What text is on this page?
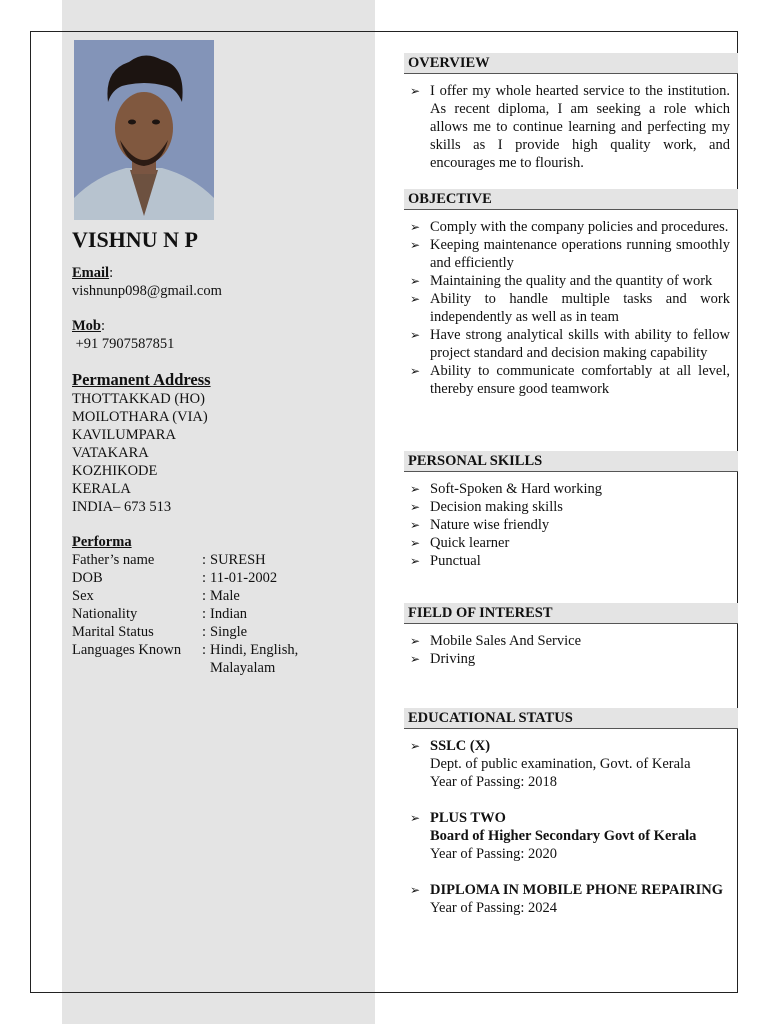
VISHNU N P
Email:
vishnunp098@gmail.com
Mob:
+91 7907587851
Permanent Address
THOTTAKKAD (HO)
MOILOTHARA (VIA)
KAVILUMPARA
VATAKARA
KOZHIKODE
KERALA
INDIA– 673 513
Performa
Father’s name	: SURESH
DOB	: 11-01-2002
Sex	: Male
Nationality	: Indian
Marital Status	: Single
Languages Known	: Hindi, English, Malayalam
OVERVIEW
➢ I offer my whole hearted service to the institution. As recent diploma, I am seeking a role which allows me to continue learning and perfecting my skills as I provide high quality work, and encourages me to flourish.
OBJECTIVE
➢ Comply with the company policies and procedures.
➢ Keeping maintenance operations running smoothly and efficiently
➢ Maintaining the quality and the quantity of work
➢ Ability to handle multiple tasks and work independently as well as in team
➢ Have strong analytical skills with ability to fellow project standard and decision making capability
➢ Ability to communicate comfortably at all level, thereby ensure good teamwork
PERSONAL SKILLS
➢ Soft-Spoken & Hard working
➢ Decision making skills
➢ Nature wise friendly
➢ Quick learner
➢ Punctual
FIELD OF INTEREST
➢ Mobile Sales And Service
➢ Driving
EDUCATIONAL STATUS
➢ SSLC (X)
Dept. of public examination, Govt. of Kerala
Year of Passing: 2018
➢ PLUS TWO
Board of Higher Secondary Govt of Kerala
Year of Passing: 2020
➢ DIPLOMA IN MOBILE PHONE REPAIRING
Year of Passing: 2024
